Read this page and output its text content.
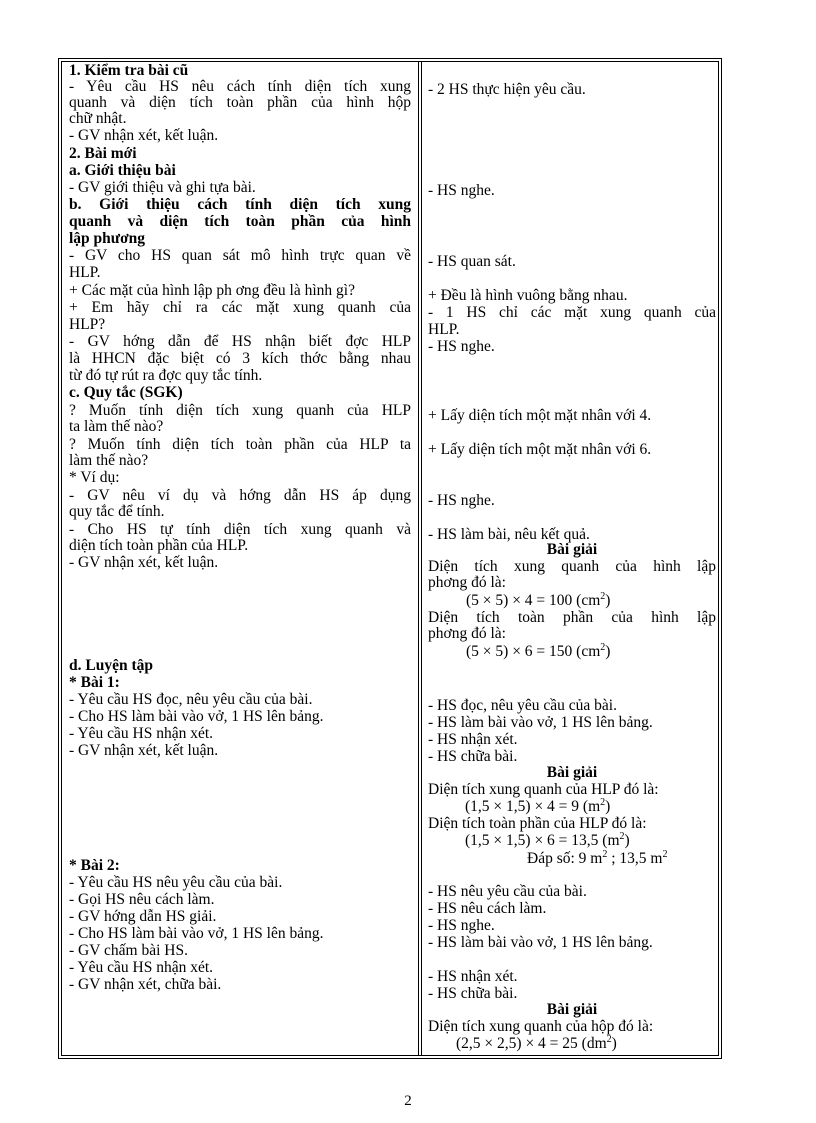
1. Kiểm tra bài cũ
- Yêu cầu HS nêu cách tính diện tích xung
quanh và diện tích toàn phần của hình hộp
chữ nhật.
- GV nhận xét, kết luận.
2. Bài mới
a. Giới thiệu bài
- GV giới thiệu và ghi tựa bài.
b. Giới thiệu cách tính diện tích xung
quanh và diện tích toàn phần của hình
lập phương
- GV cho HS quan sát mô hình trực quan về
HLP.
+ Các mặt của hình lập ph ơng đều là hình gì?
+ Em hãy chỉ ra các mặt xung quanh của
HLP?
- GV hớng dẫn để HS nhận biết đợc HLP
là HHCN đặc biệt có 3 kích thớc bằng nhau
từ đó tự rút ra đợc quy tắc tính.
c. Quy tắc (SGK)
? Muốn tính diện tích xung quanh của HLP
ta làm thế nào?
? Muốn tính diện tích toàn phần của HLP ta
làm thế nào?
* Ví dụ:
- GV nêu ví dụ và hớng dẫn HS áp dụng
quy tắc để tính.
- Cho HS tự tính diện tích xung quanh và
diện tích toàn phần của HLP.
- GV nhận xét, kết luận.
d. Luyện tập
* Bài 1:
- Yêu cầu HS đọc, nêu yêu cầu của bài.
- Cho HS làm bài vào vở, 1 HS lên bảng.
- Yêu cầu HS nhận xét.
- GV nhận xét, kết luận.
* Bài 2:
- Yêu cầu HS nêu yêu cầu của bài.
- Gọi HS nêu cách làm.
- GV hớng dẫn HS giải.
- Cho HS làm bài vào vở, 1 HS lên bảng.
- GV chấm bài HS.
- Yêu cầu HS nhận xét.
- GV nhận xét, chữa bài.
- 2 HS thực hiện yêu cầu.
- HS nghe.
- HS quan sát.
+ Đều là hình vuông bằng nhau.
- 1 HS chỉ các mặt xung quanh của
HLP.
- HS nghe.
+ Lấy diện tích một mặt nhân với 4.
+ Lấy diện tích một mặt nhân với 6.
- HS nghe.
- HS làm bài, nêu kết quả.
Bài giải
Diện tích xung quanh của hình lập
phơng đó là:
(5 × 5) × 4 = 100 $(cm^2)$
Diện tích toàn phần của hình lập
phơng đó là:
(5 × 5) × 6 = 150 $(cm^2)$
- HS đọc, nêu yêu cầu của bài.
- HS làm bài vào vở, 1 HS lên bảng.
- HS nhận xét.
- HS chữa bài.
Bài giải
Diện tích xung quanh của HLP đó là:
(1,5 × 1,5) × 4 = 9 $(m^2)$
Diện tích toàn phần của HLP đó là:
(1,5 × 1,5) × 6 = 13,5 $(m^2)$
Đáp số: 9 $m^2$ ; 13,5 $m^2$
- HS nêu yêu cầu của bài.
- HS nêu cách làm.
- HS nghe.
- HS làm bài vào vở, 1 HS lên bảng.
- HS nhận xét.
- HS chữa bài.
Bài giải
Diện tích xung quanh của hộp đó là:
(2,5 × 2,5) × 4 = 25 $(dm^2)$
2
